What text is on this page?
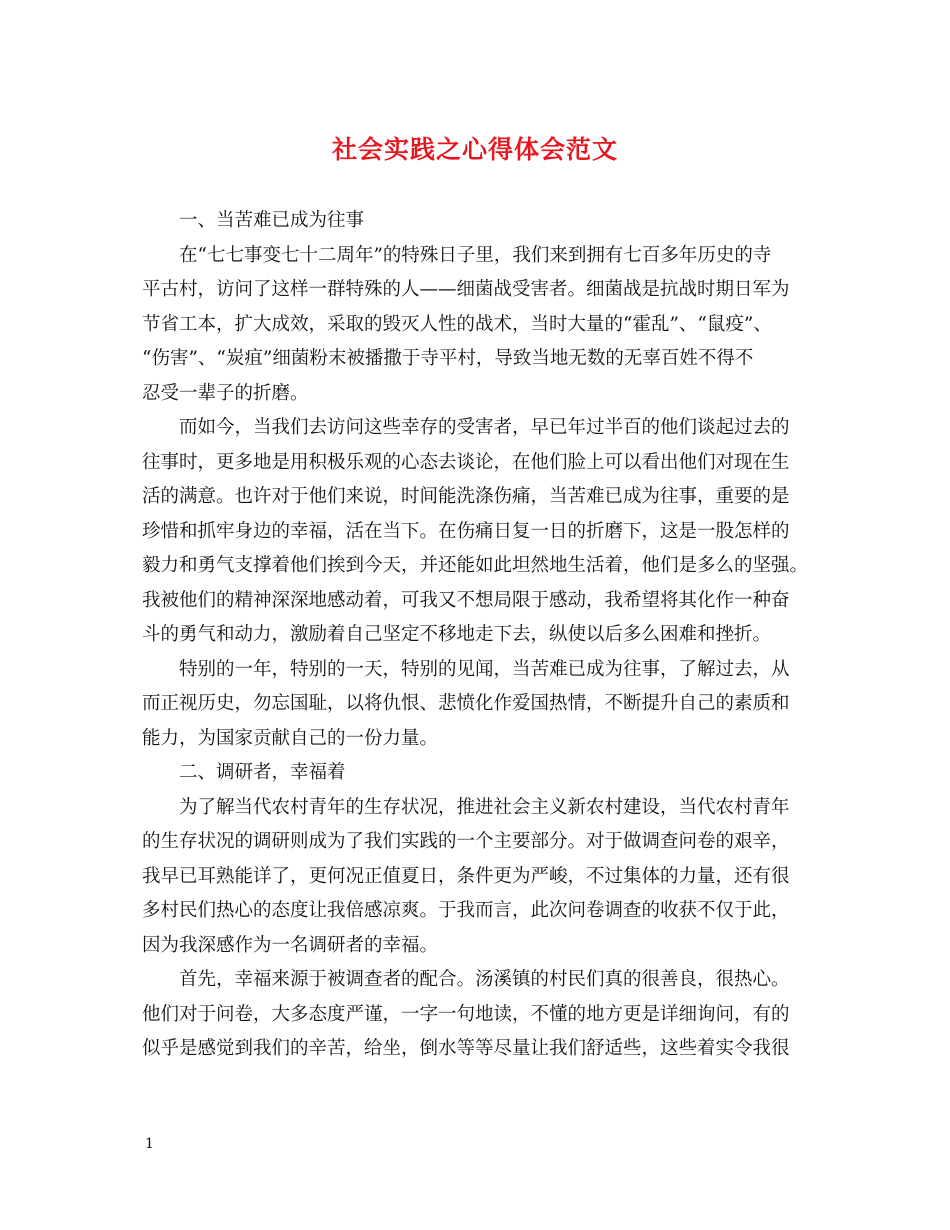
社会实践之心得体会范文
一、当苦难已成为往事
在“七七事变七十二周年”的特殊日子里，我们来到拥有七百多年历史的寺
平古村，访问了这样一群特殊的人——细菌战受害者。细菌战是抗战时期日军为
节省工本，扩大成效，采取的毁灭人性的战术，当时大量的“霍乱”、“鼠疫”、
“伤害”、“炭疽”细菌粉末被播撒于寺平村，导致当地无数的无辜百姓不得不
忍受一辈子的折磨。
而如今，当我们去访问这些幸存的受害者，早已年过半百的他们谈起过去的
往事时，更多地是用积极乐观的心态去谈论，在他们脸上可以看出他们对现在生
活的满意。也许对于他们来说，时间能洗涤伤痛，当苦难已成为往事，重要的是
珍惜和抓牢身边的幸福，活在当下。在伤痛日复一日的折磨下，这是一股怎样的
毅力和勇气支撑着他们挨到今天，并还能如此坦然地生活着，他们是多么的坚强。
我被他们的精神深深地感动着，可我又不想局限于感动，我希望将其化作一种奋
斗的勇气和动力，激励着自己坚定不移地走下去，纵使以后多么困难和挫折。
特别的一年，特别的一天，特别的见闻，当苦难已成为往事，了解过去，从
而正视历史，勿忘国耻，以将仇恨、悲愤化作爱国热情，不断提升自己的素质和
能力，为国家贡献自己的一份力量。
二、调研者，幸福着
为了解当代农村青年的生存状况，推进社会主义新农村建设，当代农村青年
的生存状况的调研则成为了我们实践的一个主要部分。对于做调查问卷的艰辛，
我早已耳熟能详了，更何况正值夏日，条件更为严峻，不过集体的力量，还有很
多村民们热心的态度让我倍感凉爽。于我而言，此次问卷调查的收获不仅于此，
因为我深感作为一名调研者的幸福。
首先，幸福来源于被调查者的配合。汤溪镇的村民们真的很善良，很热心。
他们对于问卷，大多态度严谨，一字一句地读，不懂的地方更是详细询问，有的
似乎是感觉到我们的辛苦，给坐，倒水等等尽量让我们舒适些，这些着实令我很
1
